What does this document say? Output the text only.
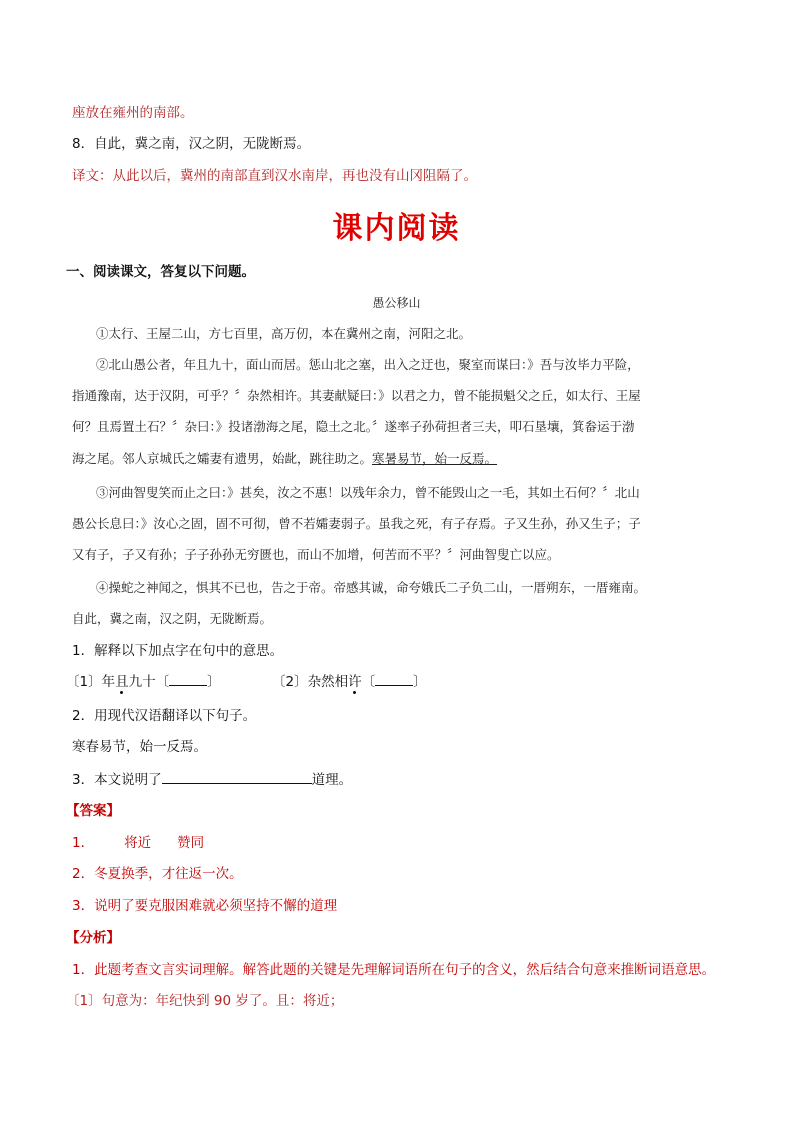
座放在雍州的南部。
8．自此，冀之南，汉之阴，无陇断焉。
译文：从此以后，冀州的南部直到汉水南岸，再也没有山冈阻隔了。
课内阅读
一、阅读课文，答复以下问题。
愚公移山
①太行、王屋二山，方七百里，高万仞，本在冀州之南，河阳之北。
②北山愚公者，年且九十，面山而居。惩山北之塞，出入之迂也，聚室而谋曰：》吾与汝毕力平险，
指通豫南，达于汉阴，可乎？〞杂然相许。其妻献疑曰：》以君之力，曾不能损魁父之丘，如太行、王屋
何？且焉置土石？〞杂曰：》投诸渤海之尾，隐土之北。〞遂率子孙荷担者三夫，叩石垦壤，箕畚运于渤
海之尾。邻人京城氏之孀妻有遗男，始龀，跳往助之。寒暑易节，始一反焉。
③河曲智叟笑而止之曰：》甚矣，汝之不惠！以残年余力，曾不能毁山之一毛，其如土石何？〞北山
愚公长息曰：》汝心之固，固不可彻，曾不若孀妻弱子。虽我之死，有子存焉。子又生孙，孙又生子；子
又有子，子又有孙；子子孙孙无穷匮也，而山不加增，何苦而不平？〞河曲智叟亡以应。
④操蛇之神闻之，惧其不已也，告之于帝。帝感其诚，命夸娥氏二子负二山，一厝朔东，一厝雍南。
自此，冀之南，汉之阴，无陇断焉。
1．解释以下加点字在句中的意思。
〔1〕年且九十〔	〕	〔2〕杂然相许〔	〕
2．用现代汉语翻译以下句子。
寒春易节，始一反焉。
3．本文说明了	道理。
【答案】
1． 将近 赞同
2．冬夏换季，才往返一次。
3．说明了要克服困难就必须坚持不懈的道理
【分析】
1．此题考查文言实词理解。解答此题的关键是先理解词语所在句子的含义，然后结合句意来推断词语意思。
〔1〕句意为：年纪快到 90 岁了。且：将近；
